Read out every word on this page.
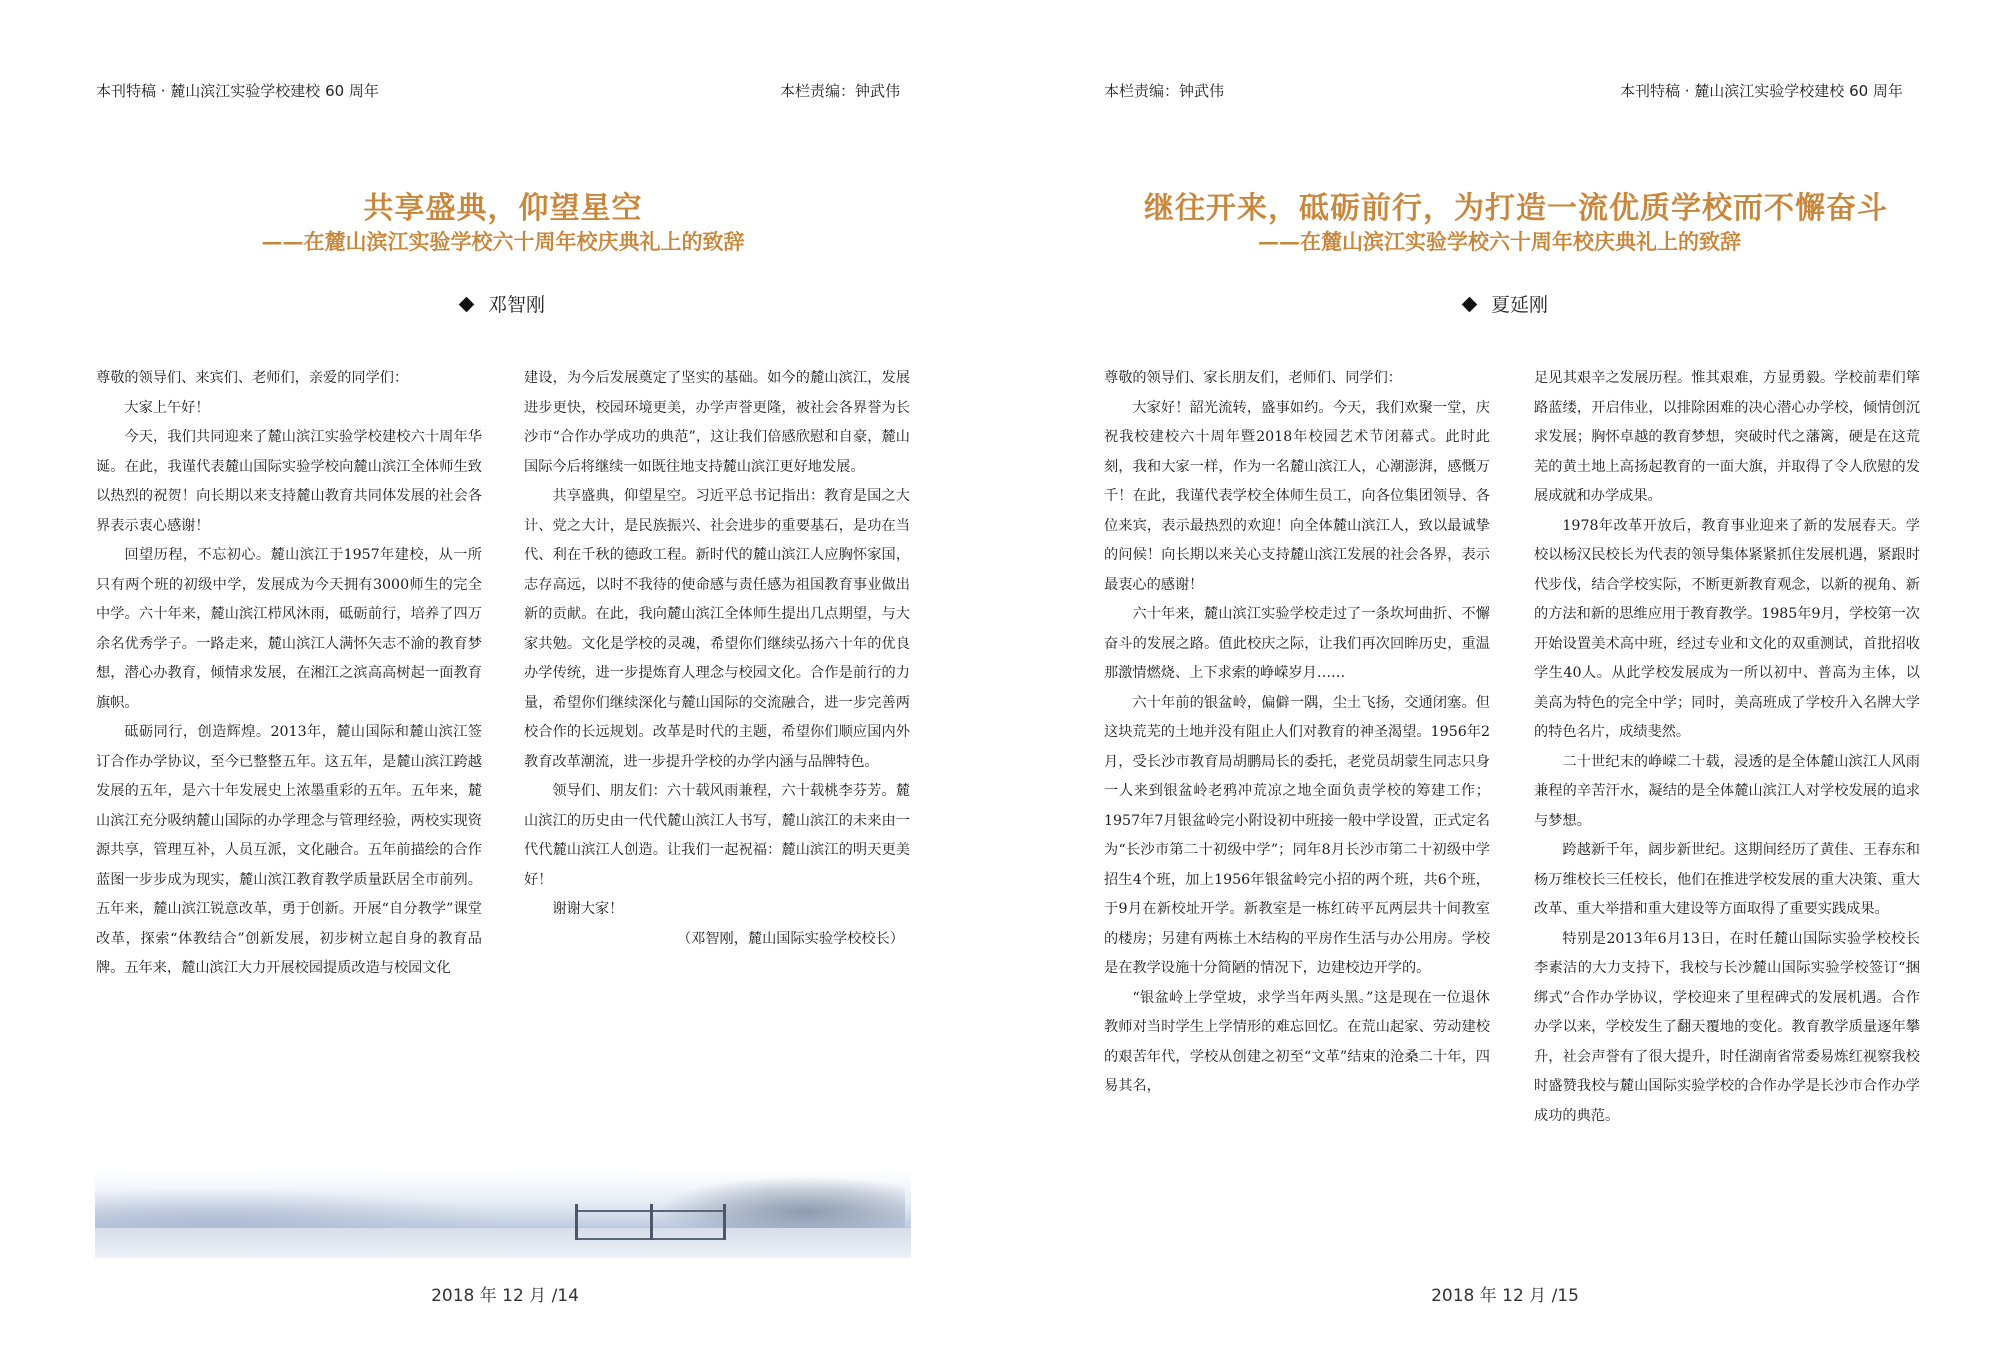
本刊特稿 · 麓山滨江实验学校建校 60 周年	本栏责编：钟武伟
共享盛典，仰望星空
——在麓山滨江实验学校六十周年校庆典礼上的致辞
邓智刚

尊敬的领导们、来宾们、老师们，亲爱的同学们：

大家上午好！

今天，我们共同迎来了麓山滨江实验学校建校六十周年华诞。在此，我谨代表麓山国际实验学校向麓山滨江全体师生致以热烈的祝贺！向长期以来支持麓山教育共同体发展的社会各界表示衷心感谢！

回望历程，不忘初心。麓山滨江于1957年建校，从一所只有两个班的初级中学，发展成为今天拥有3000师生的完全中学。六十年来，麓山滨江栉风沐雨，砥砺前行，培养了四万余名优秀学子。一路走来，麓山滨江人满怀矢志不渝的教育梦想，潜心办教育，倾情求发展，在湘江之滨高高树起一面教育旗帜。

砥砺同行，创造辉煌。2013年，麓山国际和麓山滨江签订合作办学协议，至今已整整五年。这五年，是麓山滨江跨越发展的五年，是六十年发展史上浓墨重彩的五年。五年来，麓山滨江充分吸纳麓山国际的办学理念与管理经验，两校实现资源共享，管理互补，人员互派，文化融合。五年前描绘的合作蓝图一步步成为现实，麓山滨江教育教学质量跃居全市前列。五年来，麓山滨江锐意改革，勇于创新。开展“自分教学”课堂改革，探索“体教结合”创新发展，初步树立起自身的教育品牌。五年来，麓山滨江大力开展校园提质改造与校园文化

建设，为今后发展奠定了坚实的基础。如今的麓山滨江，发展进步更快，校园环境更美，办学声誉更隆，被社会各界誉为长沙市“合作办学成功的典范”，这让我们倍感欣慰和自豪，麓山国际今后将继续一如既往地支持麓山滨江更好地发展。

共享盛典，仰望星空。习近平总书记指出：教育是国之大计、党之大计，是民族振兴、社会进步的重要基石，是功在当代、利在千秋的德政工程。新时代的麓山滨江人应胸怀家国，志存高远，以时不我待的使命感与责任感为祖国教育事业做出新的贡献。在此，我向麓山滨江全体师生提出几点期望，与大家共勉。文化是学校的灵魂，希望你们继续弘扬六十年的优良办学传统，进一步提炼育人理念与校园文化。合作是前行的力量，希望你们继续深化与麓山国际的交流融合，进一步完善两校合作的长远规划。改革是时代的主题，希望你们顺应国内外教育改革潮流，进一步提升学校的办学内涵与品牌特色。

领导们、朋友们：六十载风雨兼程，六十载桃李芬芳。麓山滨江的历史由一代代麓山滨江人书写，麓山滨江的未来由一代代麓山滨江人创造。让我们一起祝福：麓山滨江的明天更美好！

谢谢大家！

（邓智刚，麓山国际实验学校校长）

2018 年 12 月 /14
本栏责编：钟武伟	本刊特稿 · 麓山滨江实验学校建校 60 周年
继往开来，砥砺前行，为打造一流优质学校而不懈奋斗
——在麓山滨江实验学校六十周年校庆典礼上的致辞
夏延刚

尊敬的领导们、家长朋友们，老师们、同学们：

大家好！韶光流转，盛事如约。今天，我们欢聚一堂，庆祝我校建校六十周年暨2018年校园艺术节闭幕式。此时此刻，我和大家一样，作为一名麓山滨江人，心潮澎湃，感慨万千！在此，我谨代表学校全体师生员工，向各位集团领导、各位来宾，表示最热烈的欢迎！向全体麓山滨江人，致以最诚挚的问候！向长期以来关心支持麓山滨江发展的社会各界，表示最衷心的感谢！

六十年来，麓山滨江实验学校走过了一条坎坷曲折、不懈奋斗的发展之路。值此校庆之际，让我们再次回眸历史，重温那激情燃烧、上下求索的峥嵘岁月……

六十年前的银盆岭，偏僻一隅，尘土飞扬，交通闭塞。但这块荒芜的土地并没有阻止人们对教育的神圣渴望。1956年2月，受长沙市教育局胡鹏局长的委托，老党员胡蒙生同志只身一人来到银盆岭老鸦冲荒凉之地全面负责学校的筹建工作；1957年7月银盆岭完小附设初中班接一般中学设置，正式定名为“长沙市第二十初级中学”；同年8月长沙市第二十初级中学招生4个班，加上1956年银盆岭完小招的两个班，共6个班，于9月在新校址开学。新教室是一栋红砖平瓦两层共十间教室的楼房；另建有两栋土木结构的平房作生活与办公用房。学校是在教学设施十分简陋的情况下，边建校边开学的。

“银盆岭上学堂坡，求学当年两头黑。”这是现在一位退休教师对当时学生上学情形的难忘回忆。在荒山起家、劳动建校的艰苦年代，学校从创建之初至“文革”结束的沧桑二十年，四易其名，

足见其艰辛之发展历程。惟其艰难，方显勇毅。学校前辈们筚路蓝缕，开启伟业，以排除困难的决心潜心办学校，倾情创沉求发展；胸怀卓越的教育梦想，突破时代之藩篱，硬是在这荒芜的黄土地上高扬起教育的一面大旗，并取得了令人欣慰的发展成就和办学成果。

1978年改革开放后，教育事业迎来了新的发展春天。学校以杨汉民校长为代表的领导集体紧紧抓住发展机遇，紧跟时代步伐，结合学校实际，不断更新教育观念，以新的视角、新的方法和新的思维应用于教育教学。1985年9月，学校第一次开始设置美术高中班，经过专业和文化的双重测试，首批招收学生40人。从此学校发展成为一所以初中、普高为主体，以美高为特色的完全中学；同时，美高班成了学校升入名牌大学的特色名片，成绩斐然。

二十世纪末的峥嵘二十载，浸透的是全体麓山滨江人风雨兼程的辛苦汗水，凝结的是全体麓山滨江人对学校发展的追求与梦想。

跨越新千年，阔步新世纪。这期间经历了黄佳、王春东和杨万维校长三任校长，他们在推进学校发展的重大决策、重大改革、重大举措和重大建设等方面取得了重要实践成果。

特别是2013年6月13日，在时任麓山国际实验学校校长李素洁的大力支持下，我校与长沙麓山国际实验学校签订“捆绑式”合作办学协议，学校迎来了里程碑式的发展机遇。合作办学以来，学校发生了翻天覆地的变化。教育教学质量逐年攀升，社会声誉有了很大提升，时任湖南省常委易炼红视察我校时盛赞我校与麓山国际实验学校的合作办学是长沙市合作办学成功的典范。

2018 年 12 月 /15
